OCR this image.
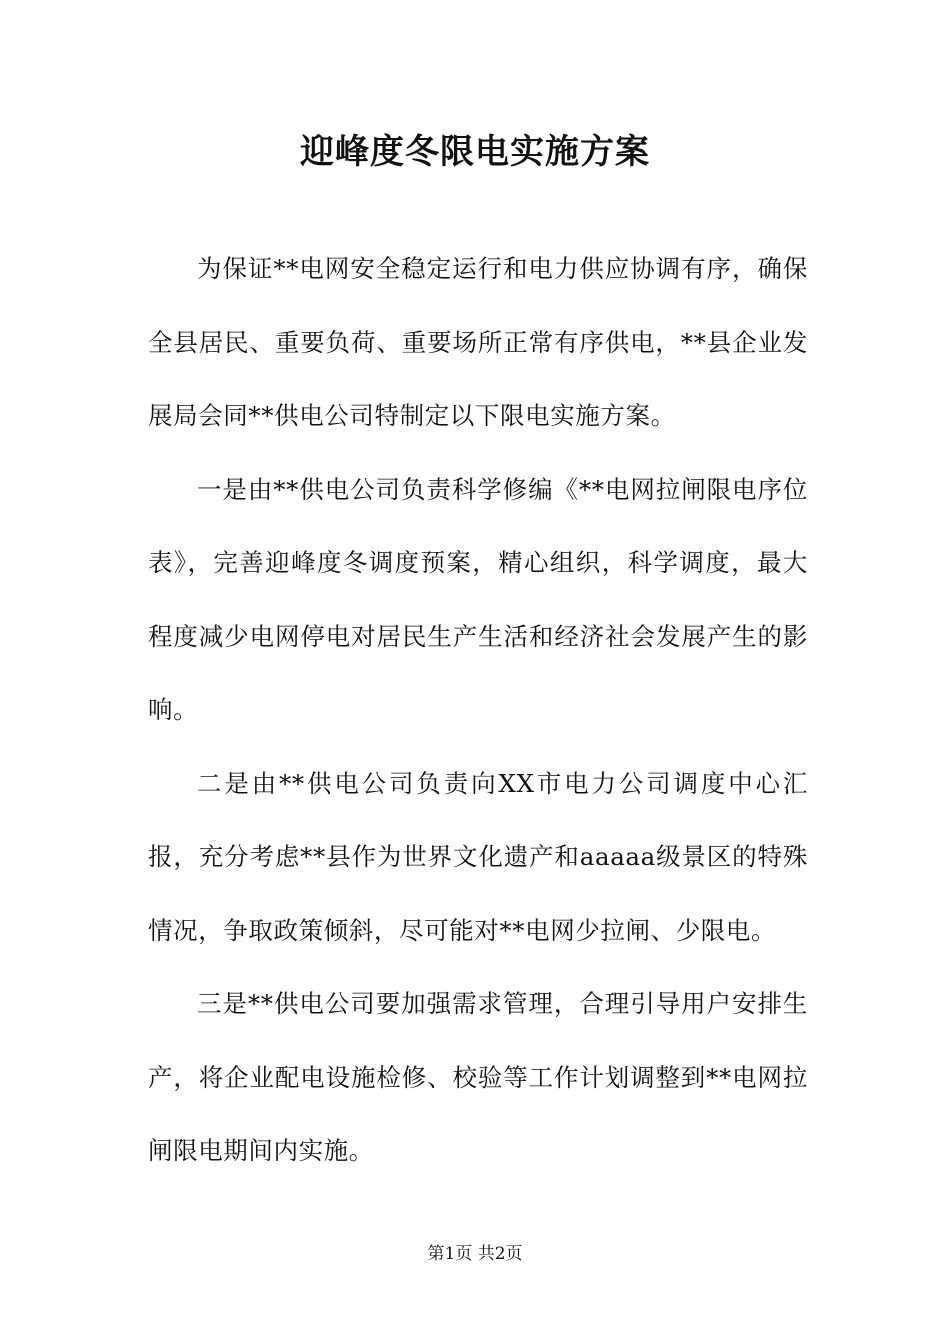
迎峰度冬限电实施方案

为保证**电网安全稳定运行和电力供应协调有序，确保全县居民、重要负荷、重要场所正常有序供电，**县企业发展局会同**供电公司特制定以下限电实施方案。

一是由**供电公司负责科学修编《**电网拉闸限电序位表》，完善迎峰度冬调度预案，精心组织，科学调度，最大程度减少电网停电对居民生产生活和经济社会发展产生的影响。

二是由**供电公司负责向XX市电力公司调度中心汇报，充分考虑**县作为世界文化遗产和aaaaa级景区的特殊情况，争取政策倾斜，尽可能对**电网少拉闸、少限电。

三是**供电公司要加强需求管理，合理引导用户安排生产，将企业配电设施检修、校验等工作计划调整到**电网拉闸限电期间内实施。

第1页 共2页
